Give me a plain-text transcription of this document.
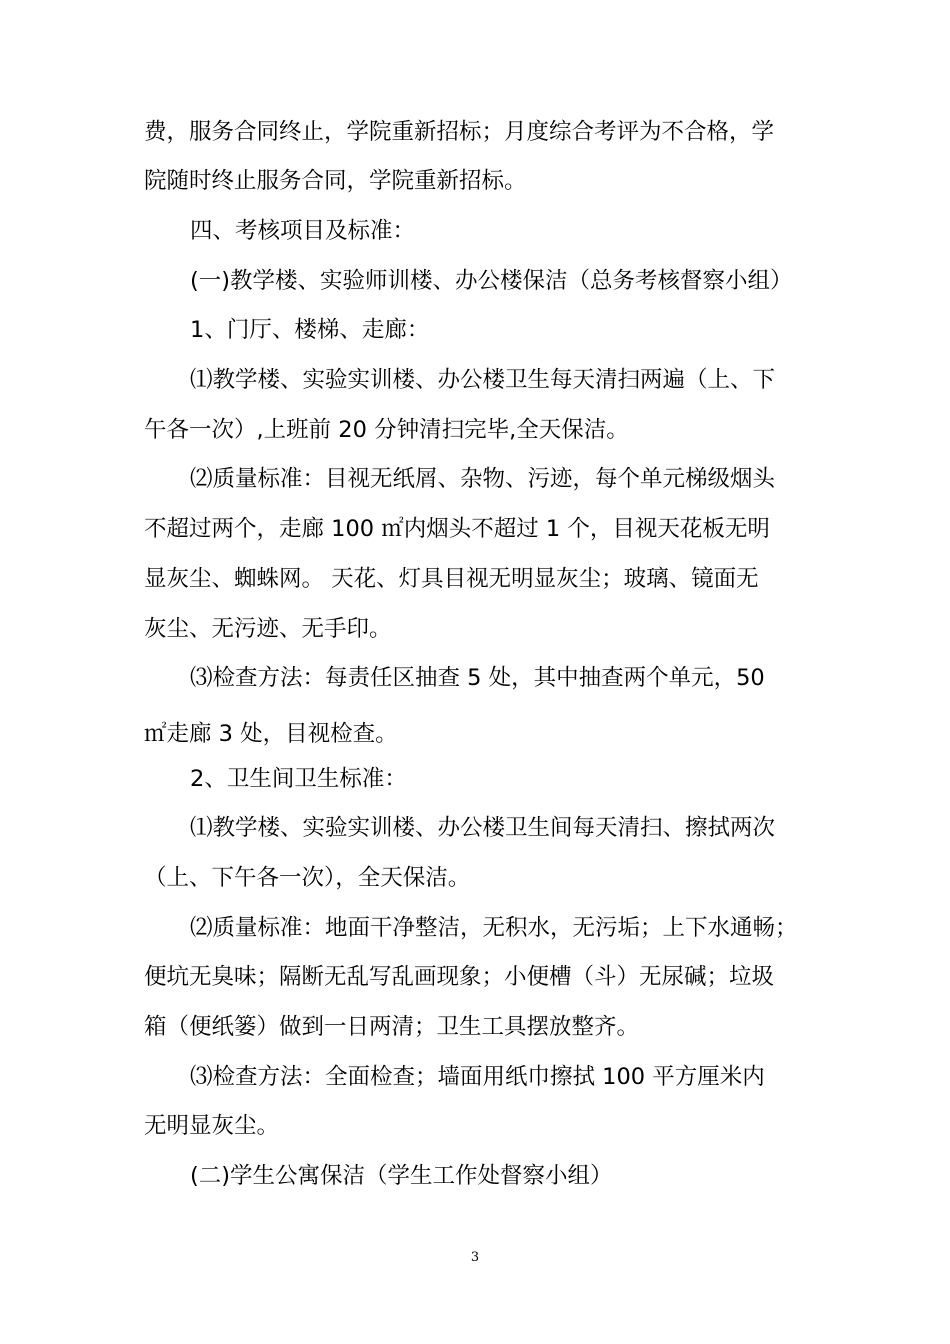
费，服务合同终止，学院重新招标；月度综合考评为不合格，学
院随时终止服务合同，学院重新招标。
四、考核项目及标准：
(一)教学楼、实验师训楼、办公楼保洁（总务考核督察小组）
1、门厅、楼梯、走廊：
⑴教学楼、实验实训楼、办公楼卫生每天清扫两遍（上、下
午各一次）,上班前 20 分钟清扫完毕,全天保洁。
⑵质量标准：目视无纸屑、杂物、污迹，每个单元梯级烟头
不超过两个，走廊 100 ㎡内烟头不超过 1 个，目视天花板无明
显灰尘、蜘蛛网。 天花、灯具目视无明显灰尘；玻璃、镜面无
灰尘、无污迹、无手印。
⑶检查方法：每责任区抽查 5 处，其中抽查两个单元，50
㎡走廊 3 处，目视检查。
2、卫生间卫生标准：
⑴教学楼、实验实训楼、办公楼卫生间每天清扫、擦拭两次
（上、下午各一次），全天保洁。
⑵质量标准：地面干净整洁，无积水，无污垢；上下水通畅；
便坑无臭味；隔断无乱写乱画现象；小便槽（斗）无尿碱；垃圾
箱（便纸篓）做到一日两清；卫生工具摆放整齐。
⑶检查方法：全面检查；墙面用纸巾擦拭 100 平方厘米内
无明显灰尘。
(二)学生公寓保洁（学生工作处督察小组）
3
